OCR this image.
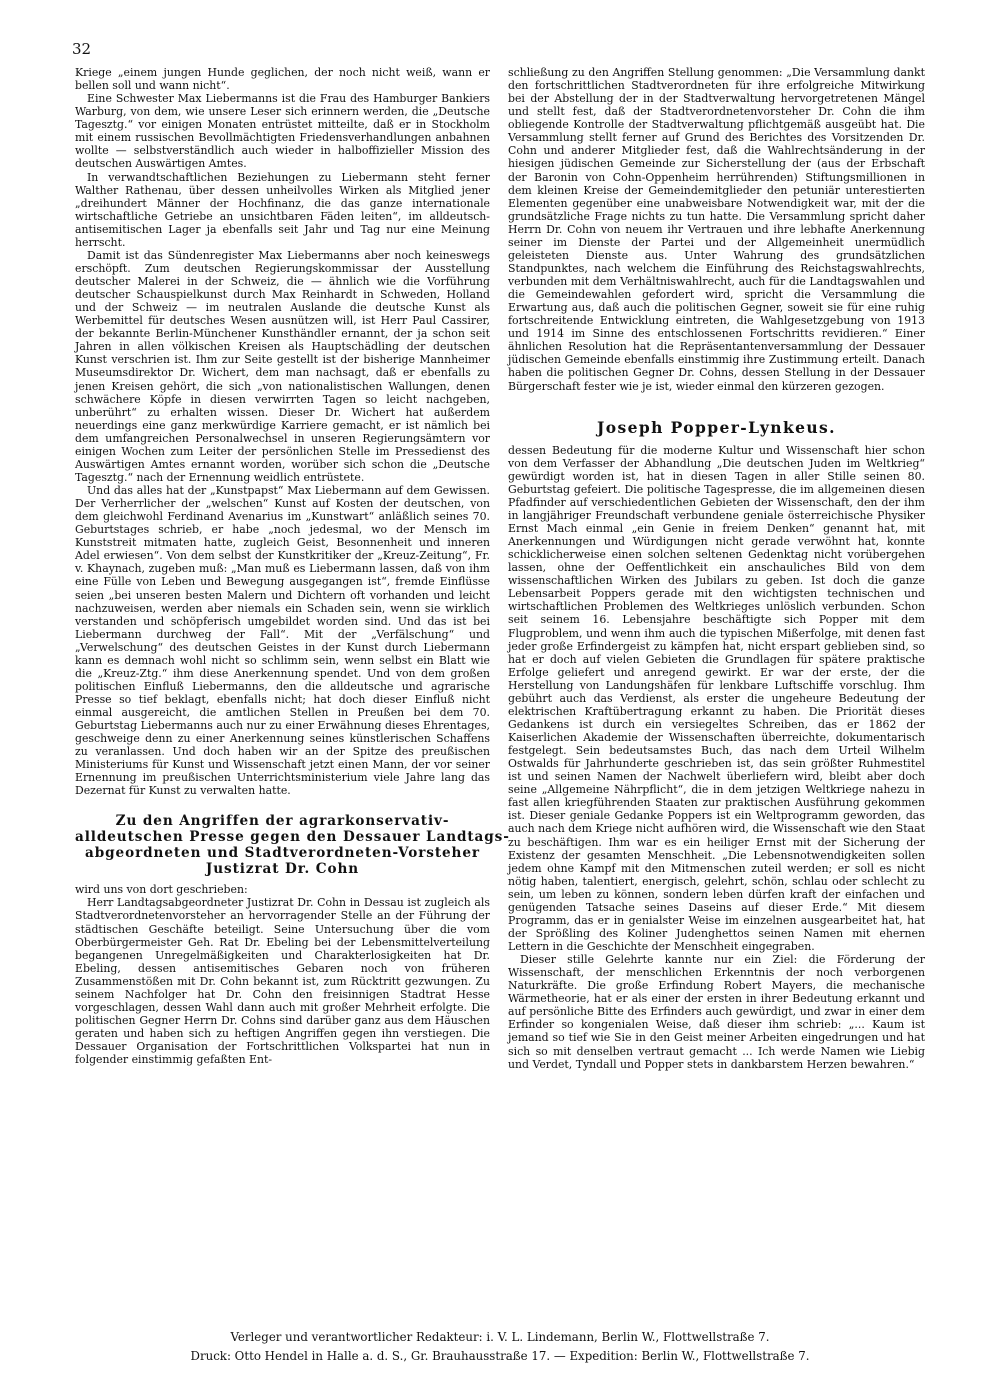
32

Kriege „einem jungen Hunde geglichen, der noch nicht weiß, wann er bellen soll und wann nicht“.

Eine Schwester Max Liebermanns ist die Frau des Hamburger Bankiers Warburg, von dem, wie unsere Leser sich erinnern werden, die „Deutsche Tagesztg.“ vor einigen Monaten entrüstet mitteilte, daß er in Stockholm mit einem russischen Bevollmächtigten Friedensverhandlungen anbahnen wollte — selbstverständlich auch wieder in halboffizieller Mission des deutschen Auswärtigen Amtes.

In verwandtschaftlichen Beziehungen zu Liebermann steht ferner Walther Rathenau, über dessen unheilvolles Wirken als Mitglied jener „dreihundert Männer der Hochfinanz, die das ganze internationale wirtschaftliche Getriebe an unsichtbaren Fäden leiten“, im alldeutsch-antisemitischen Lager ja ebenfalls seit Jahr und Tag nur eine Meinung herrscht.

Damit ist das Sündenregister Max Liebermanns aber noch keineswegs erschöpft. Zum deutschen Regierungskommissar der Ausstellung deutscher Malerei in der Schweiz, die — ähnlich wie die Vorführung deutscher Schauspielkunst durch Max Reinhardt in Schweden, Holland und der Schweiz — im neutralen Auslande die deutsche Kunst als Werbemittel für deutsches Wesen ausnützen will, ist Herr Paul Cassirer, der bekannte Berlin-Münchener Kunsthändler ernannt, der ja schon seit Jahren in allen völkischen Kreisen als Hauptschädling der deutschen Kunst verschrien ist. Ihm zur Seite gestellt ist der bisherige Mannheimer Museumsdirektor Dr. Wichert, dem man nachsagt, daß er ebenfalls zu jenen Kreisen gehört, die sich „von nationalistischen Wallungen, denen schwächere Köpfe in diesen verwirrten Tagen so leicht nachgeben, unberührt“ zu erhalten wissen. Dieser Dr. Wichert hat außerdem neuerdings eine ganz merkwürdige Karriere gemacht, er ist nämlich bei dem umfangreichen Personalwechsel in unseren Regierungsämtern vor einigen Wochen zum Leiter der persönlichen Stelle im Pressedienst des Auswärtigen Amtes ernannt worden, worüber sich schon die „Deutsche Tagesztg.“ nach der Ernennung weidlich entrüstete.

Und das alles hat der „Kunstpapst“ Max Liebermann auf dem Gewissen. Der Verherrlicher der „welschen“ Kunst auf Kosten der deutschen, von dem gleichwohl Ferdinand Avenarius im „Kunstwart“ anläßlich seines 70. Geburtstages schrieb, er habe „noch jedesmal, wo der Mensch im Kunststreit mitmaten hatte, zugleich Geist, Besonnenheit und inneren Adel erwiesen“. Von dem selbst der Kunstkritiker der „Kreuz-Zeitung“, Fr. v. Khaynach, zugeben muß: „Man muß es Liebermann lassen, daß von ihm eine Fülle von Leben und Bewegung ausgegangen ist“, fremde Einflüsse seien „bei unseren besten Malern und Dichtern oft vorhanden und leicht nachzuweisen, werden aber niemals ein Schaden sein, wenn sie wirklich verstanden und schöpferisch umgebildet worden sind. Und das ist bei Liebermann durchweg der Fall“. Mit der „Verfälschung“ und „Verwelschung“ des deutschen Geistes in der Kunst durch Liebermann kann es demnach wohl nicht so schlimm sein, wenn selbst ein Blatt wie die „Kreuz-Ztg.“ ihm diese Anerkennung spendet. Und von dem großen politischen Einfluß Liebermanns, den die alldeutsche und agrarische Presse so tief beklagt, ebenfalls nicht; hat doch dieser Einfluß nicht einmal ausgereicht, die amtlichen Stellen in Preußen bei dem 70. Geburtstag Liebermanns auch nur zu einer Erwähnung dieses Ehrentages, geschweige denn zu einer Anerkennung seines künstlerischen Schaffens zu veranlassen. Und doch haben wir an der Spitze des preußischen Ministeriums für Kunst und Wissenschaft jetzt einen Mann, der vor seiner Ernennung im preußischen Unterrichtsministerium viele Jahre lang das Dezernat für Kunst zu verwalten hatte.

Zu den Angriffen der agrarkonservativ-
alldeutschen Presse gegen den Dessauer Landtags-
abgeordneten und Stadtverordneten-Vorsteher
Justizrat Dr. Cohn

wird uns von dort geschrieben:

Herr Landtagsabgeordneter Justizrat Dr. Cohn in Dessau ist zugleich als Stadtverordnetenvorsteher an hervorragender Stelle an der Führung der städtischen Geschäfte beteiligt. Seine Untersuchung über die vom Oberbürgermeister Geh. Rat Dr. Ebeling bei der Lebensmittelverteilung begangenen Unregelmäßigkeiten und Charakterlosigkeiten hat Dr. Ebeling, dessen antisemitisches Gebaren noch von früheren Zusammenstößen mit Dr. Cohn bekannt ist, zum Rücktritt gezwungen. Zu seinem Nachfolger hat Dr. Cohn den freisinnigen Stadtrat Hesse vorgeschlagen, dessen Wahl dann auch mit großer Mehrheit erfolgte. Die politischen Gegner Herrn Dr. Cohns sind darüber ganz aus dem Häuschen geraten und haben sich zu heftigen Angriffen gegen ihn verstiegen. Die Dessauer Organisation der Fortschrittlichen Volkspartei hat nun in folgender einstimmig gefaßten Ent-

schließung zu den Angriffen Stellung genommen: „Die Versammlung dankt den fortschrittlichen Stadtverordneten für ihre erfolgreiche Mitwirkung bei der Abstellung der in der Stadtverwaltung hervorgetretenen Mängel und stellt fest, daß der Stadtverordnetenvorsteher Dr. Cohn die ihm obliegende Kontrolle der Stadtverwaltung pflichtgemäß ausgeübt hat. Die Versammlung stellt ferner auf Grund des Berichtes des Vorsitzenden Dr. Cohn und anderer Mitglieder fest, daß die Wahlrechtsänderung in der hiesigen jüdischen Gemeinde zur Sicherstellung der (aus der Erbschaft der Baronin von Cohn-Oppenheim herrührenden) Stiftungsmillionen in dem kleinen Kreise der Gemeindemitglieder den petuniär unterestierten Elementen gegenüber eine unabweisbare Notwendigkeit war, mit der die grundsätzliche Frage nichts zu tun hatte. Die Versammlung spricht daher Herrn Dr. Cohn von neuem ihr Vertrauen und ihre lebhafte Anerkennung seiner im Dienste der Partei und der Allgemeinheit unermüdlich geleisteten Dienste aus. Unter Wahrung des grundsätzlichen Standpunktes, nach welchem die Einführung des Reichstagswahlrechts, verbunden mit dem Verhältniswahlrecht, auch für die Landtagswahlen und die Gemeindewahlen gefordert wird, spricht die Versammlung die Erwartung aus, daß auch die politischen Gegner, soweit sie für eine ruhig fortschreitende Entwicklung eintreten, die Wahlgesetzgebung von 1913 und 1914 im Sinne des entschlossenen Fortschritts revidieren.“ Einer ähnlichen Resolution hat die Repräsentantenversammlung der Dessauer jüdischen Gemeinde ebenfalls einstimmig ihre Zustimmung erteilt. Danach haben die politischen Gegner Dr. Cohns, dessen Stellung in der Dessauer Bürgerschaft fester wie je ist, wieder einmal den kürzeren gezogen.

Joseph Popper-Lynkeus.

dessen Bedeutung für die moderne Kultur und Wissenschaft hier schon von dem Verfasser der Abhandlung „Die deutschen Juden im Weltkrieg“ gewürdigt worden ist, hat in diesen Tagen in aller Stille seinen 80. Geburtstag gefeiert. Die politische Tagespresse, die im allgemeinen diesen Pfadfinder auf verschiedentlichen Gebieten der Wissenschaft, den der ihm in langjähriger Freundschaft verbundene geniale österreichische Physiker Ernst Mach einmal „ein Genie in freiem Denken“ genannt hat, mit Anerkennungen und Würdigungen nicht gerade verwöhnt hat, konnte schicklicherweise einen solchen seltenen Gedenktag nicht vorübergehen lassen, ohne der Oeffentlichkeit ein anschauliches Bild von dem wissenschaftlichen Wirken des Jubilars zu geben. Ist doch die ganze Lebensarbeit Poppers gerade mit den wichtigsten technischen und wirtschaftlichen Problemen des Weltkrieges unlöslich verbunden. Schon seit seinem 16. Lebensjahre beschäftigte sich Popper mit dem Flugproblem, und wenn ihm auch die typischen Mißerfolge, mit denen fast jeder große Erfindergeist zu kämpfen hat, nicht erspart geblieben sind, so hat er doch auf vielen Gebieten die Grundlagen für spätere praktische Erfolge geliefert und anregend gewirkt. Er war der erste, der die Herstellung von Landungshäfen für lenkbare Luftschiffe vorschlug. Ihm gebührt auch das Verdienst, als erster die ungeheure Bedeutung der elektrischen Kraftübertragung erkannt zu haben. Die Priorität dieses Gedankens ist durch ein versiegeltes Schreiben, das er 1862 der Kaiserlichen Akademie der Wissenschaften überreichte, dokumentarisch festgelegt. Sein bedeutsamstes Buch, das nach dem Urteil Wilhelm Ostwalds für Jahrhunderte geschrieben ist, das sein größter Ruhmestitel ist und seinen Namen der Nachwelt überliefern wird, bleibt aber doch seine „Allgemeine Nährpflicht“, die in dem jetzigen Weltkriege nahezu in fast allen kriegführenden Staaten zur praktischen Ausführung gekommen ist. Dieser geniale Gedanke Poppers ist ein Weltprogramm geworden, das auch nach dem Kriege nicht aufhören wird, die Wissenschaft wie den Staat zu beschäftigen. Ihm war es ein heiliger Ernst mit der Sicherung der Existenz der gesamten Menschheit. „Die Lebensnotwendigkeiten sollen jedem ohne Kampf mit den Mitmenschen zuteil werden; er soll es nicht nötig haben, talentiert, energisch, gelehrt, schön, schlau oder schlecht zu sein, um leben zu können, sondern leben dürfen kraft der einfachen und genügenden Tatsache seines Daseins auf dieser Erde.“ Mit diesem Programm, das er in genialster Weise im einzelnen ausgearbeitet hat, hat der Sprößling des Koliner Judenghettos seinen Namen mit ehernen Lettern in die Geschichte der Menschheit eingegraben.

Dieser stille Gelehrte kannte nur ein Ziel: die Förderung der Wissenschaft, der menschlichen Erkenntnis der noch verborgenen Naturkräfte. Die große Erfindung Robert Mayers, die mechanische Wärmetheorie, hat er als einer der ersten in ihrer Bedeutung erkannt und auf persönliche Bitte des Erfinders auch gewürdigt, und zwar in einer dem Erfinder so kongenialen Weise, daß dieser ihm schrieb: „... Kaum ist jemand so tief wie Sie in den Geist meiner Arbeiten eingedrungen und hat sich so mit denselben vertraut gemacht ... Ich werde Namen wie Liebig und Verdet, Tyndall und Popper stets in dankbarstem Herzen bewahren.“

Verleger und verantwortlicher Redakteur: i. V. L. Lindemann, Berlin W., Flottwellstraße 7.
Druck: Otto Hendel in Halle a. d. S., Gr. Brauhausstraße 17. — Expedition: Berlin W., Flottwellstraße 7.
